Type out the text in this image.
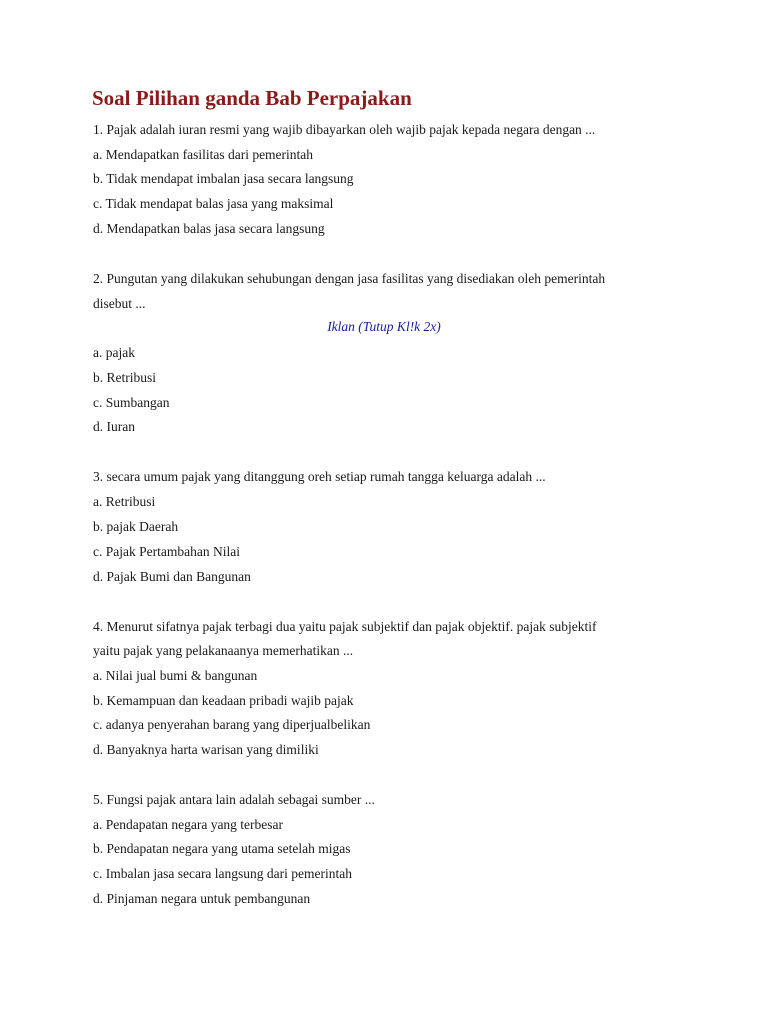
Soal Pilihan ganda Bab Perpajakan
1. Pajak adalah iuran resmi yang wajib dibayarkan oleh wajib pajak kepada negara dengan ...
a. Mendapatkan fasilitas dari pemerintah
b. Tidak mendapat imbalan jasa secara langsung
c. Tidak mendapat balas jasa yang maksimal
d. Mendapatkan balas jasa secara langsung
2. Pungutan yang dilakukan sehubungan dengan jasa fasilitas yang disediakan oleh pemerintah
disebut ...
Iklan (Tutup Kl!k 2x)
a. pajak
b. Retribusi
c. Sumbangan
d. Iuran
3. secara umum pajak yang ditanggung oreh setiap rumah tangga keluarga adalah ...
a. Retribusi
b. pajak Daerah
c. Pajak Pertambahan Nilai
d. Pajak Bumi dan Bangunan
4. Menurut sifatnya pajak terbagi dua yaitu pajak subjektif dan pajak objektif. pajak subjektif
yaitu pajak yang pelakanaanya memerhatikan ...
a. Nilai jual bumi & bangunan
b. Kemampuan dan keadaan pribadi wajib pajak
c. adanya penyerahan barang yang diperjualbelikan
d. Banyaknya harta warisan yang dimiliki
5. Fungsi pajak antara lain adalah sebagai sumber ...
a. Pendapatan negara yang terbesar
b. Pendapatan negara yang utama setelah migas
c. Imbalan jasa secara langsung dari pemerintah
d. Pinjaman negara untuk pembangunan
